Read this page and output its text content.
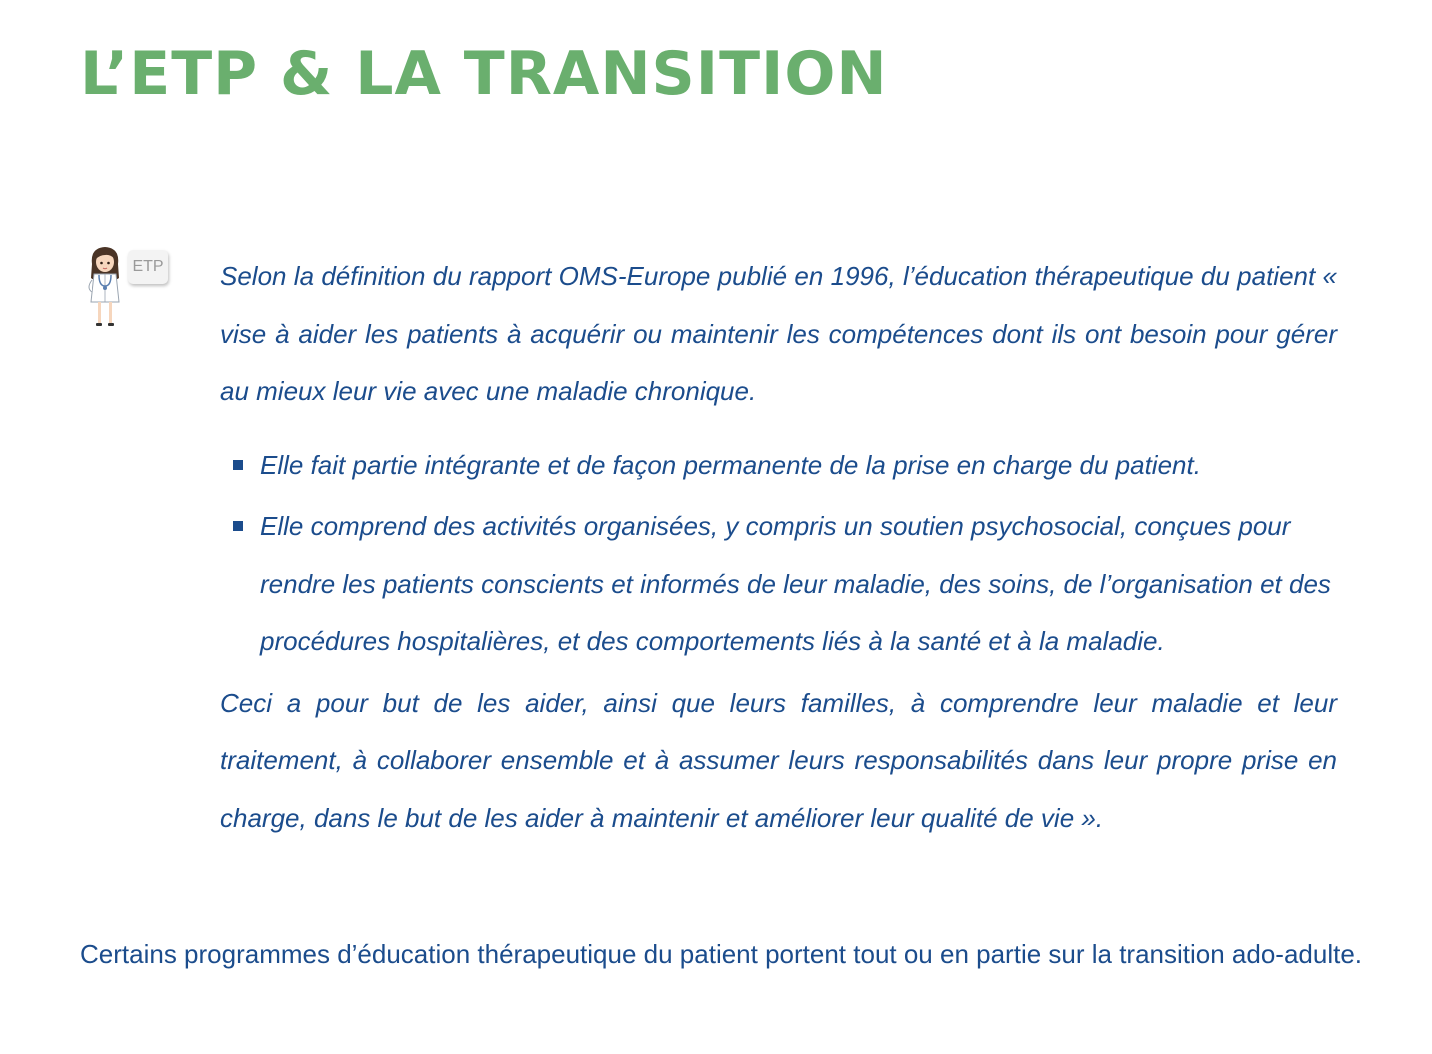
L’ETP & LA TRANSITION
ETP Selon la définition du rapport OMS-Europe publié en 1996, l’éducation thérapeutique du patient « vise à aider les patients à acquérir ou maintenir les compétences dont ils ont besoin pour gérer au mieux leur vie avec une maladie chronique.

Elle fait partie intégrante et de façon permanente de la prise en charge du patient.
Elle comprend des activités organisées, y compris un soutien psychosocial, conçues pour rendre les patients conscients et informés de leur maladie, des soins, de l’organisation et des procédures hospitalières, et des comportements liés à la santé et à la maladie.

Ceci a pour but de les aider, ainsi que leurs familles, à comprendre leur maladie et leur traitement, à collaborer ensemble et à assumer leurs responsabilités dans leur propre prise en charge, dans le but de les aider à maintenir et améliorer leur qualité de vie ».

Certains programmes d’éducation thérapeutique du patient portent tout ou en partie sur la transition ado-adulte.
